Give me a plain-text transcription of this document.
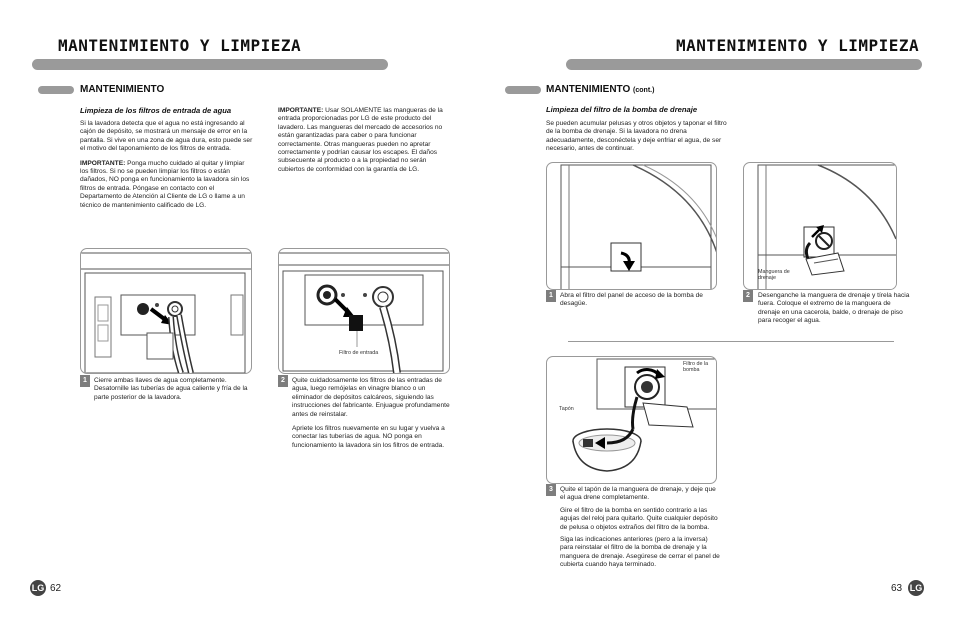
MANTENIMIENTO Y LIMPIEZA
MANTENIMIENTO
Limpieza de los filtros de entrada de agua

Si la lavadora detecta que el agua no está ingresando al cajón de depósito, se mostrará un mensaje de error en la pantalla. Si vive en una zona de agua dura, esto puede ser el motivo del taponamiento de los filtros de entrada.

IMPORTANTE: Ponga mucho cuidado al quitar y limpiar los filtros. Si no se pueden limpiar los filtros o están dañados, NO ponga en funcionamiento la lavadora sin los filtros de entrada. Póngase en contacto con el Departamento de Atención al Cliente de LG o llame a un técnico de mantenimiento calificado de LG.

IMPORTANTE: Usar SOLAMENTE las mangueras de la entrada proporcionadas por LG de este producto del lavadero. Las mangueras del mercado de accesorios no están garantizadas para caber o para funcionar correctamente. Otras mangueras pueden no apretar correctamente y podrían causar los escapes. El daños subsecuente al producto o a la propiedad no serán cubiertos de conformidad con la garantía de LG.

1	Cierre ambas llaves de agua completamente. Desatornille las tuberías de agua caliente y fría de la parte posterior de la lavadora.
Filtro de entrada
2	Quite cuidadosamente los filtros de las entradas de agua, luego remójelas en vinagre blanco o un eliminador de depósitos calcáreos, siguiendo las instrucciones del fabricante. Enjuague profundamente antes de reinstalar.

Apriete los filtros nuevamente en su lugar y vuelva a conectar las tuberías de agua. NO ponga en funcionamiento la lavadora sin los filtros de entrada.

LG 62
MANTENIMIENTO Y LIMPIEZA
MANTENIMIENTO (cont.)
Limpieza del filtro de la bomba de drenaje
Se pueden acumular pelusas y otros objetos y taponar el filtro de la bomba de drenaje. Si la lavadora no drena adecuadamente, desconéctela y deje enfriar el agua, de ser necesario, antes de continuar.
1	Abra el filtro del panel de acceso de la bomba de desagüe.
Manguera de drenaje
2	Desenganche la manguera de drenaje y tírela hacia fuera. Coloque el extremo de la manguera de drenaje en una cacerola, balde, o drenaje de piso para recoger el agua.
Filtro de la bomba
Tapón
3	Quite el tapón de la manguera de drenaje, y deje que el agua drene completamente.

Gire el filtro de la bomba en sentido contrario a las agujas del reloj para quitarlo. Quite cualquier depósito de pelusa o objetos extraños del filtro de la bomba.

Siga las indicaciones anteriores (pero a la inversa) para reinstalar el filtro de la bomba de drenaje y la manguera de drenaje. Asegúrese de cerrar el panel de cubierta cuando haya terminado.

63 LG
